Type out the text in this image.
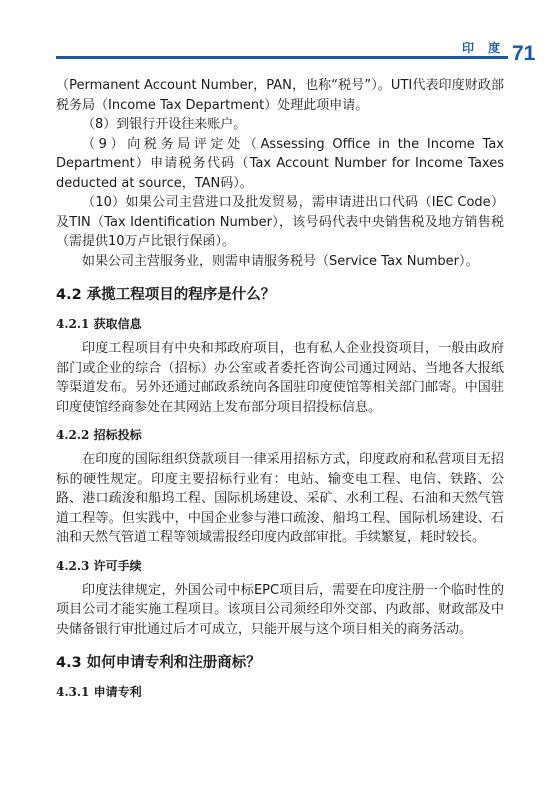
印 度 71

（Permanent Account Number，PAN，也称“税号”）。UTI代表印度财政部税务局（Income Tax Department）处理此项申请。

（8）到银行开设往来账户。

（9）向税务局评定处（Assessing Office in the Income Tax Department）申请税务代码（Tax Account Number for Income Taxes deducted at source，TAN码）。

（10）如果公司主营进口及批发贸易，需申请进出口代码（IEC Code）及TIN（Tax Identification Number），该号码代表中央销售税及地方销售税（需提供10万卢比银行保函）。

如果公司主营服务业，则需申请服务税号（Service Tax Number）。

4.2 承揽工程项目的程序是什么？
4.2.1 获取信息

印度工程项目有中央和邦政府项目，也有私人企业投资项目，一般由政府部门或企业的综合（招标）办公室或者委托咨询公司通过网站、当地各大报纸等渠道发布。另外还通过邮政系统向各国驻印度使馆等相关部门邮寄。中国驻印度使馆经商参处在其网站上发布部分项目招投标信息。

4.2.2 招标投标

在印度的国际组织贷款项目一律采用招标方式，印度政府和私营项目无招标的硬性规定。印度主要招标行业有：电站、输变电工程、电信、铁路、公路、港口疏浚和船坞工程、国际机场建设、采矿、水利工程、石油和天然气管道工程等。但实践中，中国企业参与港口疏浚、船坞工程、国际机场建设、石油和天然气管道工程等领域需报经印度内政部审批。手续繁复，耗时较长。

4.2.3 许可手续

印度法律规定，外国公司中标EPC项目后，需要在印度注册一个临时性的项目公司才能实施工程项目。该项目公司须经印外交部、内政部、财政部及中央储备银行审批通过后才可成立，只能开展与这个项目相关的商务活动。

4.3 如何申请专利和注册商标？
4.3.1 申请专利
